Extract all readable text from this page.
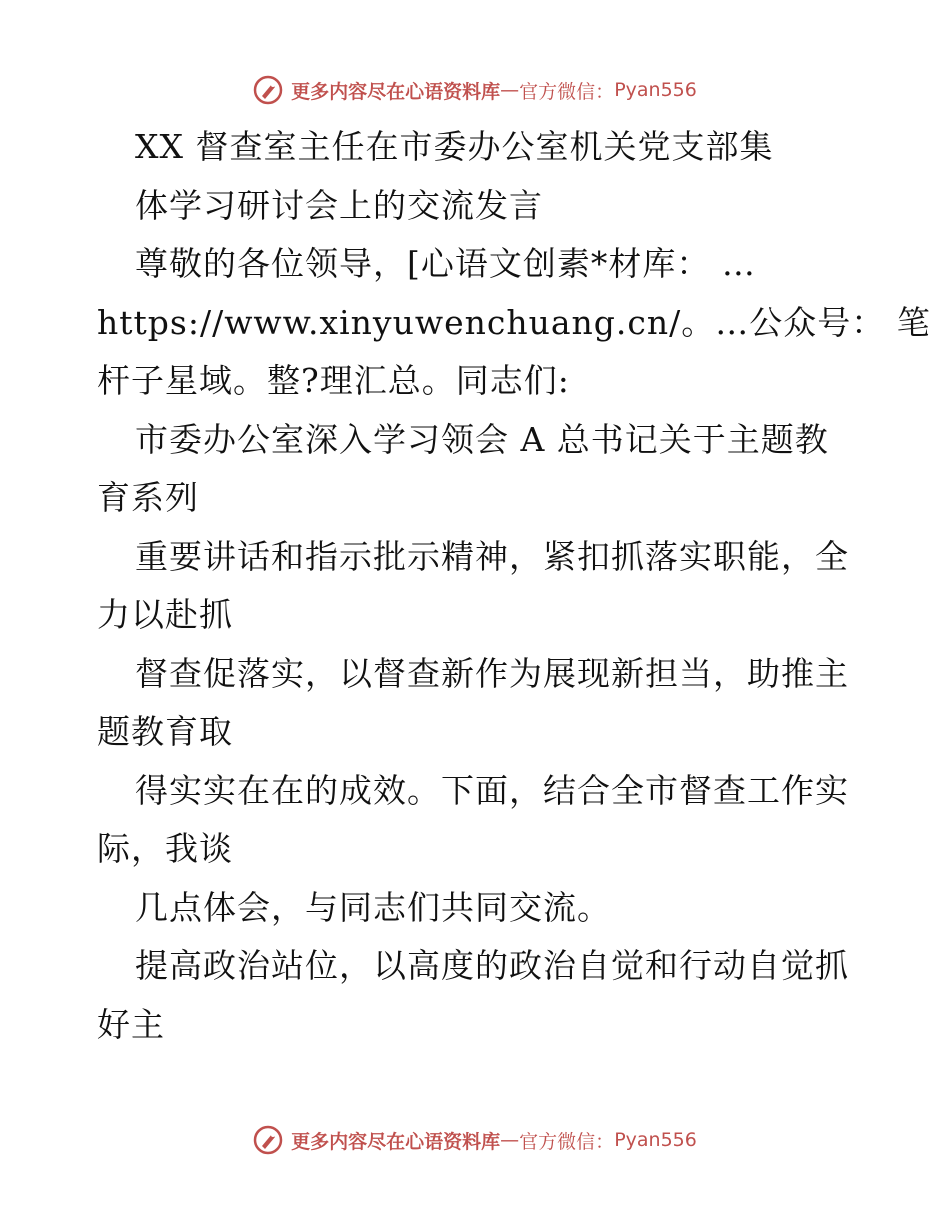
更多内容尽在心语资料库 — 官方微信： Pyan556
XX 督查室主任在市委办公室机关党支部集
体学习研讨会上的交流发言
尊敬的各位领导，[心语文创素*材库： …
https://www.xinyuwenchuang.cn/。…公众号： 笔
杆子星域。整?理汇总。同志们:
市委办公室深入学习领会 A 总书记关于主题教
育系列
重要讲话和指示批示精神，紧扣抓落实职能，全
力以赴抓
督查促落实，以督查新作为展现新担当，助推主
题教育取
得实实在在的成效。下面，结合全市督查工作实
际，我谈
几点体会，与同志们共同交流。
提高政治站位，以高度的政治自觉和行动自觉抓
好主
更多内容尽在心语资料库 — 官方微信： Pyan556
